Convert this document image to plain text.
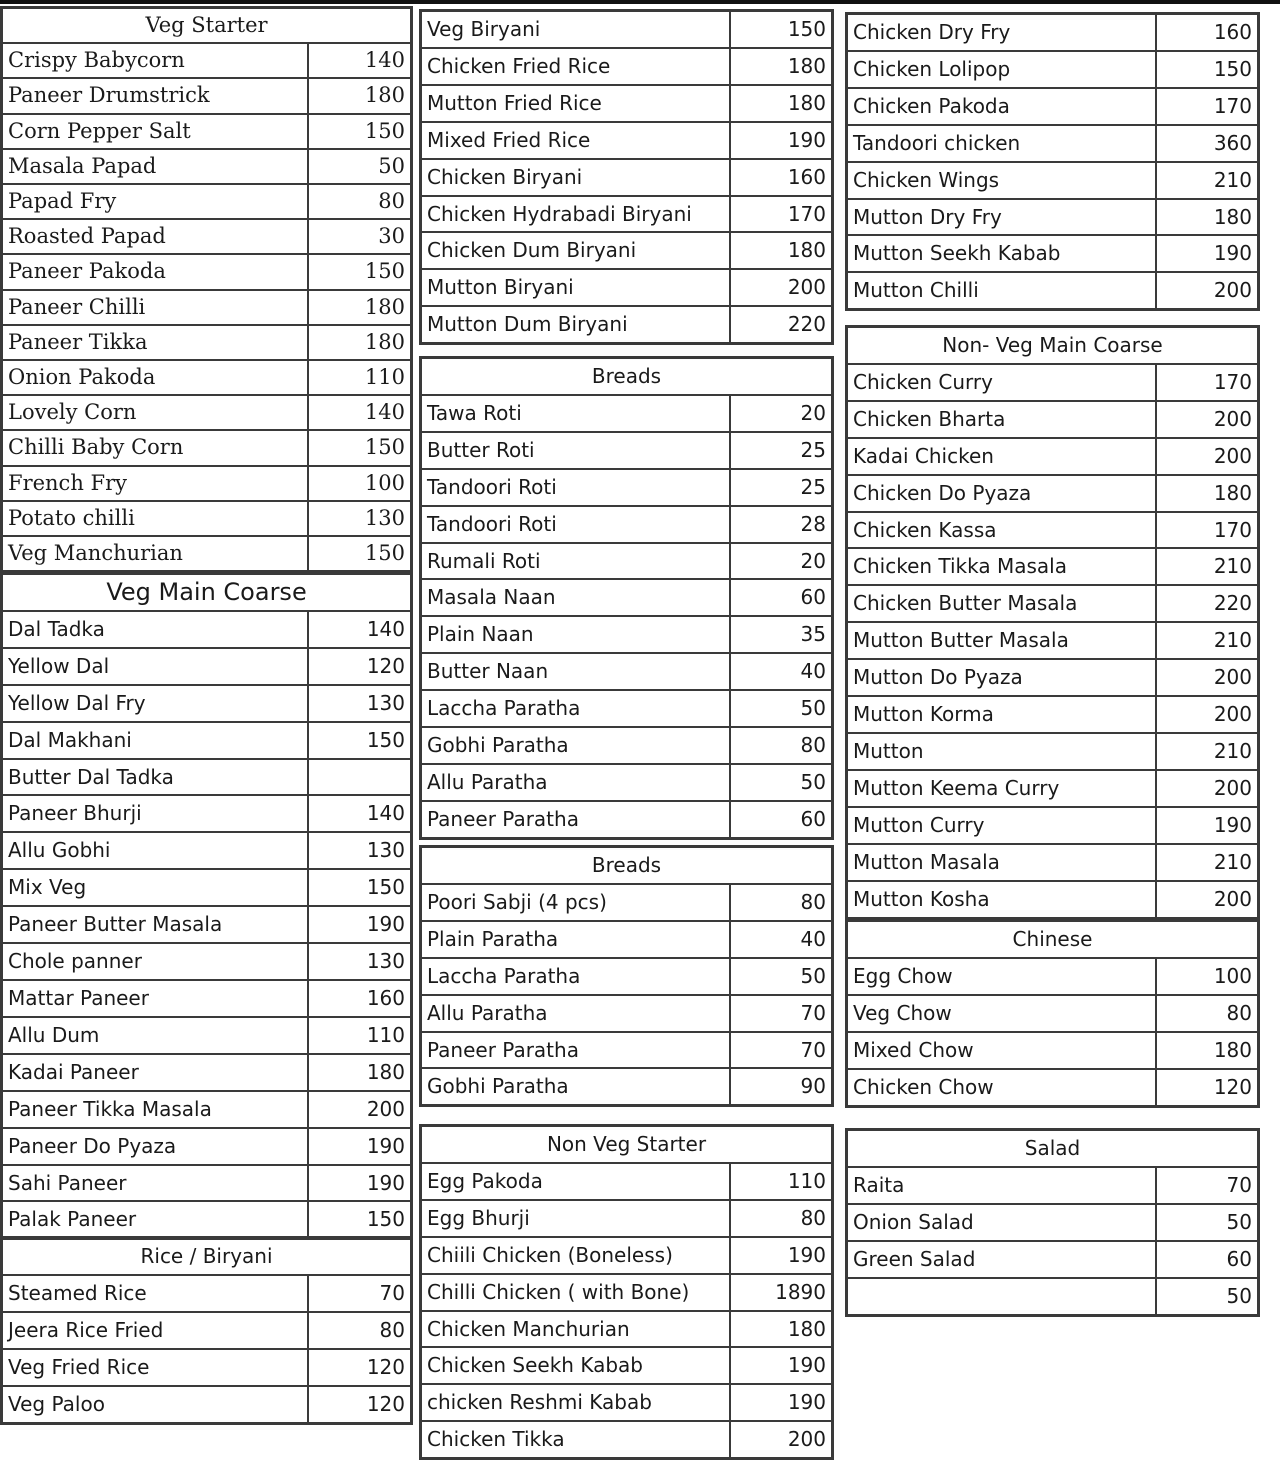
Veg Starter	
Crispy Babycorn	140
Paneer Drumstrick	180
Corn Pepper Salt	150
Masala Papad	50
Papad Fry	80
Roasted Papad	30
Paneer Pakoda	150
Paneer Chilli	180
Paneer Tikka	180
Onion Pakoda	110
Lovely Corn	140
Chilli Baby Corn	150
French Fry	100
Potato chilli	130
Veg Manchurian	150
Veg Main Coarse	
Dal Tadka	140
Yellow Dal	120
Yellow Dal Fry	130
Dal Makhani	150
Butter Dal Tadka	
Paneer Bhurji	140
Allu Gobhi	130
Mix Veg	150
Paneer Butter Masala	190
Chole panner	130
Mattar Paneer	160
Allu Dum	110
Kadai Paneer	180
Paneer Tikka Masala	200
Paneer Do Pyaza	190
Sahi Paneer	190
Palak Paneer	150
Rice / Biryani	
Steamed Rice	70
Jeera Rice Fried	80
Veg Fried Rice	120
Veg Paloo	120
Veg Biryani	150
Chicken Fried Rice	180
Mutton Fried Rice	180
Mixed Fried Rice	190
Chicken Biryani	160
Chicken Hydrabadi Biryani	170
Chicken Dum Biryani	180
Mutton Biryani	200
Mutton Dum Biryani	220
Breads	
Tawa Roti	20
Butter Roti	25
Tandoori Roti	25
Tandoori Roti	28
Rumali Roti	20
Masala Naan	60
Plain Naan	35
Butter Naan	40
Laccha Paratha	50
Gobhi Paratha	80
Allu Paratha	50
Paneer Paratha	60
Breads	
Poori Sabji (4 pcs)	80
Plain Paratha	40
Laccha Paratha	50
Allu Paratha	70
Paneer Paratha	70
Gobhi Paratha	90
Non Veg Starter	
Egg Pakoda	110
Egg Bhurji	80
Chiili Chicken (Boneless)	190
Chilli Chicken ( with Bone)	1890
Chicken Manchurian	180
Chicken Seekh Kabab	190
chicken Reshmi Kabab	190
Chicken Tikka	200
Chicken Dry Fry	160
Chicken Lolipop	150
Chicken Pakoda	170
Tandoori chicken	360
Chicken Wings	210
Mutton Dry Fry	180
Mutton Seekh Kabab	190
Mutton Chilli	200
Non- Veg Main Coarse	
Chicken Curry	170
Chicken Bharta	200
Kadai Chicken	200
Chicken Do Pyaza	180
Chicken Kassa	170
Chicken Tikka Masala	210
Chicken Butter Masala	220
Mutton Butter Masala	210
Mutton Do Pyaza	200
Mutton Korma	200
Mutton	210
Mutton Keema Curry	200
Mutton Curry	190
Mutton Masala	210
Mutton Kosha	200
Chinese	
Egg Chow	100
Veg Chow	80
Mixed Chow	180
Chicken Chow	120
Salad	
Raita	70
Onion Salad	50
Green Salad	60
	50
